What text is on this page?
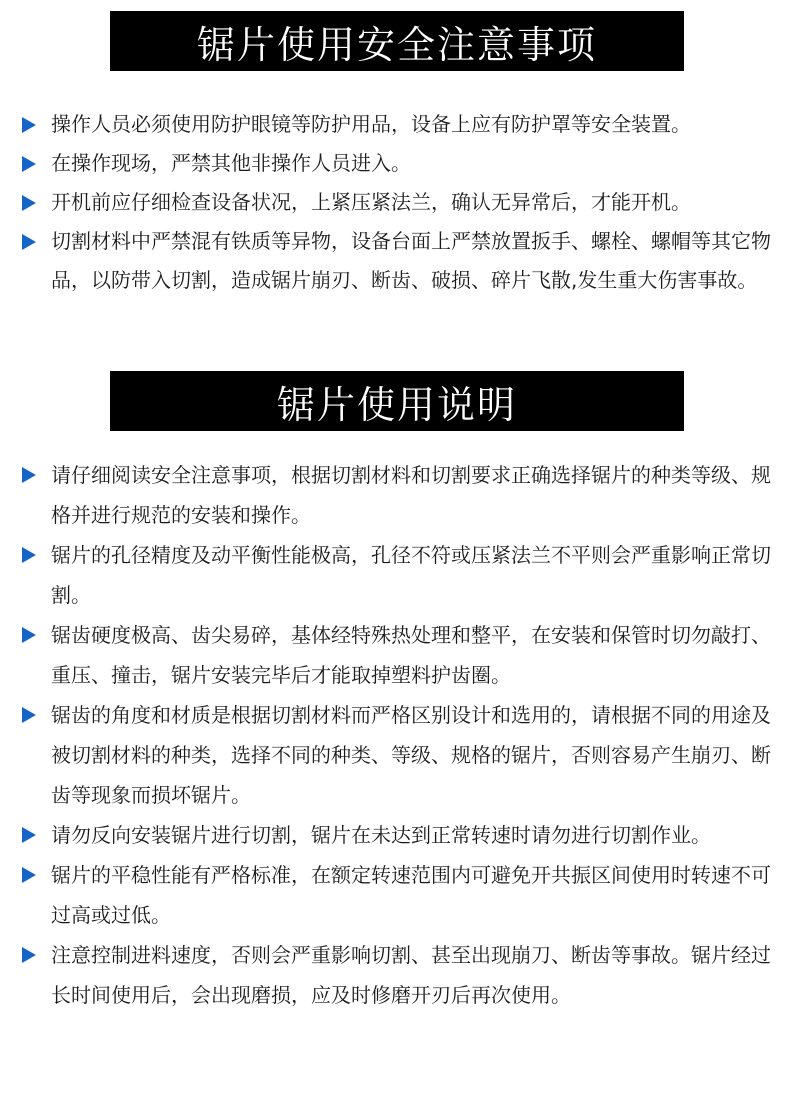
锯片使用安全注意事项
操作人员必须使用防护眼镜等防护用品，设备上应有防护罩等安全装置。
在操作现场，严禁其他非操作人员进入。
开机前应仔细检查设备状况，上紧压紧法兰，确认无异常后，才能开机。
切割材料中严禁混有铁质等异物，设备台面上严禁放置扳手、螺栓、螺帽等其它物品，以防带入切割，造成锯片崩刃、断齿、破损、碎片飞散,发生重大伤害事故。
锯片使用说明
请仔细阅读安全注意事项，根据切割材料和切割要求正确选择锯片的种类等级、规格并进行规范的安装和操作。
锯片的孔径精度及动平衡性能极高，孔径不符或压紧法兰不平则会严重影响正常切割。
锯齿硬度极高、齿尖易碎，基体经特殊热处理和整平，在安装和保管时切勿敲打、重压、撞击，锯片安装完毕后才能取掉塑料护齿圈。
锯齿的角度和材质是根据切割材料而严格区别设计和选用的，请根据不同的用途及被切割材料的种类，选择不同的种类、等级、规格的锯片，否则容易产生崩刃、断齿等现象而损坏锯片。
请勿反向安装锯片进行切割，锯片在未达到正常转速时请勿进行切割作业。
锯片的平稳性能有严格标准，在额定转速范围内可避免开共振区间使用时转速不可过高或过低。
注意控制进料速度，否则会严重影响切割、甚至出现崩刀、断齿等事故。锯片经过长时间使用后，会出现磨损，应及时修磨开刃后再次使用。
